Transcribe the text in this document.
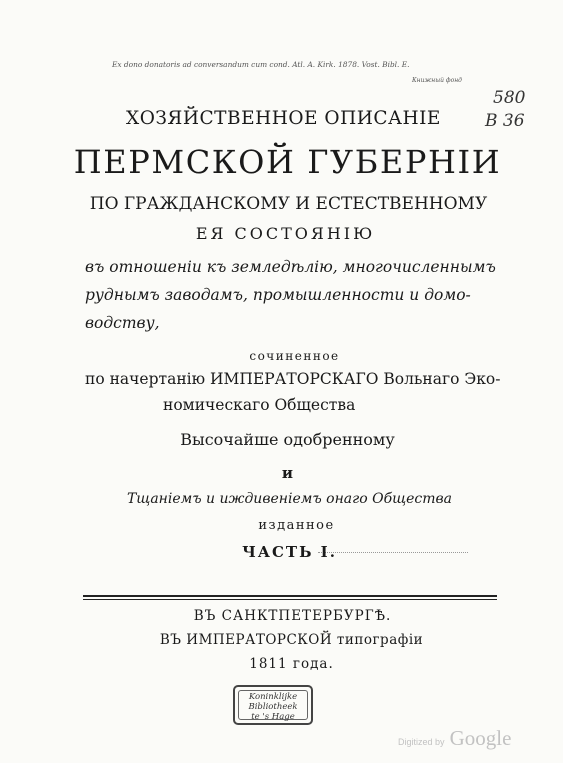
Ex dono donatoris ad conversandum cum cond. Atl. A. Kirk. 1878. Vost. Bibl. E.
Книжный фонд
580
B 36
ХОЗЯЙСТВЕННОЕ ОПИСАНІЕ
ПЕРМСКОЙ ГУБЕРНІИ
ПО ГРАЖДАНСКОМУ И ЕСТЕСТВЕННОМУ
ЕЯ СОСТОЯНІЮ
въ отношеніи къ земледѣлію, многочисленнымъ
руднымъ заводамъ, промышленности и домо-
водству,
сочиненное
по начертанію ИМПЕРАТОРСКАГО Вольнаго Эко-
номическаго Общества
Высочайше одобренному
и
Тщаніемъ и иждивеніемъ онаго Общества
изданное
ЧАСТЬ І.
ВЪ САНКТПЕТЕРБУРГѢ.
ВЪ ИМПЕРАТОРСКОЙ типографіи
1811 года.
Koninklijke
Bibliotheek
te 's Hage
Digitized by Google
